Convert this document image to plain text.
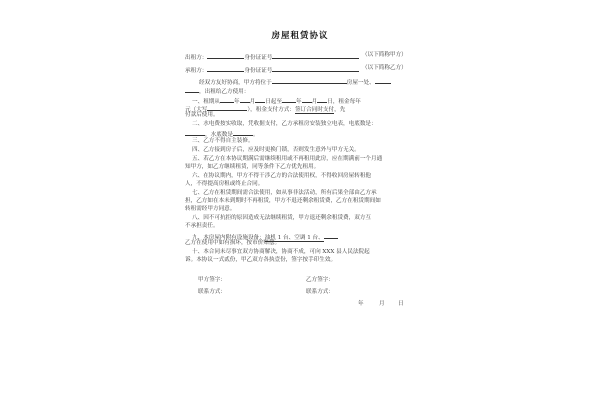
房屋租赁协议
出租方：	身份证证号	（以下简称甲方）
承租方：	身份证证号	（以下简称乙方）
经双方友好协商，甲方将位于	房屋一处、
，出租给乙方使用：
一、租期从	年 月 日起至	年 月 日，租金每年
元（大写	），租金支付方式：签订合同时支付，先
付款后使用。
二、水电费按实收取，凭收据支付，乙方承租房安装独立电表，电底数是：
，水底数是	。
三、乙方不得自主装修。
四、乙方接到房子后，应及时更换门锁，否则发生意外与甲方无关。
五、若乙方在本协议期满后需继续租用或不再租用此房，应在期满前一个月通
知甲方，如乙方继续租赁，同等条件下乙方优先租用。
六、在协议期内，甲方不得干涉乙方的合法使用权，不得收回房屋转租他
人，不得提高房租或终止合同。
七、乙方在租赁期间需合法使用，如从事非法活动，所有后果全部由乙方承
担，乙方如在本未到期时不再租赁，甲方不退还剩余租赁费，乙方在租赁期间如
转租需经甲方同意。
八、因不可抗拒的原因造成无法继续租赁，甲方退还剩余租赁费，双方互
不承担责任。
九、本房屋内附有设施设备：油机 1 台、空调 1 台、
乙方在使用中如有损坏，按市价赔偿。
十、本合同未尽事宜双方协商解决，协商不成，可向 XXX 县人民法院起
诉。本协议一式贰份，甲乙双方各执壹份，签字按手印生效。
甲方签字：	乙方签字：
联系方式：	联系方式：
年	月 日
